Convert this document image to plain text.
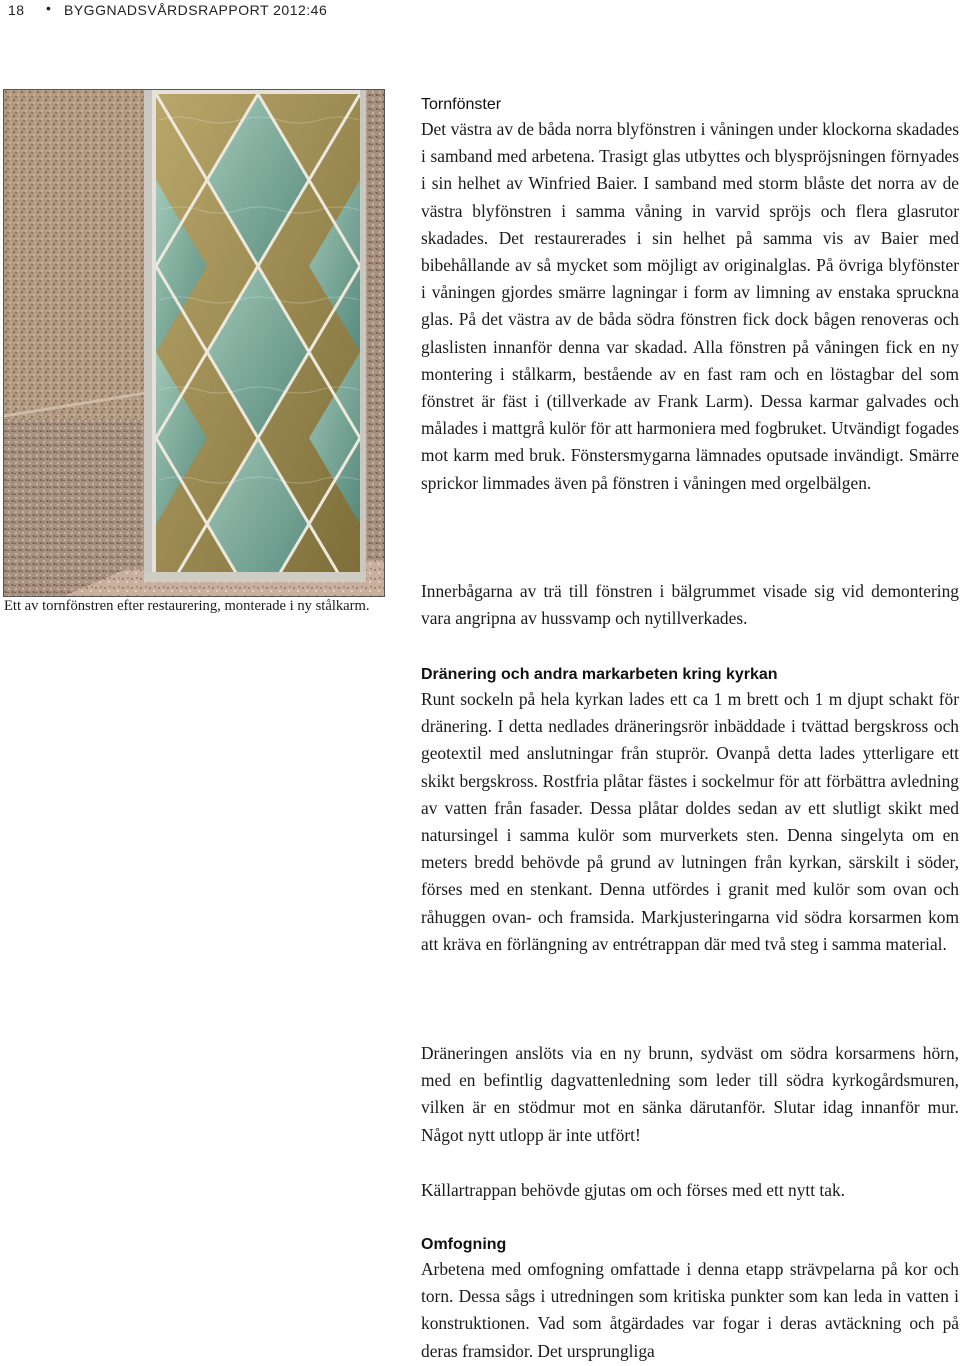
18 • BYGGNADSVÅRDSRAPPORT 2012:46
Ett av tornfönstren efter restaurering, monterade i ny stålkarm.
Tornfönster

Det västra av de båda norra blyfönstren i våningen under klockorna skadades i samband med arbetena. Trasigt glas utbyttes och blyspröjsningen förnyades i sin helhet av Winfried Baier. I samband med storm blåste det norra av de västra blyfönstren i samma våning in varvid spröjs och flera glasrutor skadades. Det restaurerades i sin helhet på samma vis av Baier med bibehållande av så mycket som möjligt av originalglas. På övriga blyfönster i våningen gjordes smärre lagningar i form av limning av enstaka spruckna glas. På det västra av de båda södra fönstren fick dock bågen renoveras och glaslisten innanför denna var skadad. Alla fönstren på våningen fick en ny montering i stålkarm, bestående av en fast ram och en löstagbar del som fönstret är fäst i (tillverkade av Frank Larm). Dessa karmar galvades och målades i mattgrå kulör för att harmoniera med fogbruket. Utvändigt fogades mot karm med bruk. Fönstersmygarna lämnades oputsade invändigt. Smärre sprickor limmades även på fönstren i våningen med orgelbälgen.

Innerbågarna av trä till fönstren i bälgrummet visade sig vid demontering vara angripna av hussvamp och nytillverkades.

Dränering och andra markarbeten kring kyrkan

Runt sockeln på hela kyrkan lades ett ca 1 m brett och 1 m djupt schakt för dränering. I detta nedlades dräneringsrör inbäddade i tvättad bergskross och geotextil med anslutningar från stuprör. Ovanpå detta lades ytterligare ett skikt bergskross. Rostfria plåtar fästes i sockelmur för att förbättra avledning av vatten från fasader. Dessa plåtar doldes sedan av ett slutligt skikt med natursingel i samma kulör som murverkets sten. Denna singelyta om en meters bredd behövde på grund av lutningen från kyrkan, särskilt i söder, förses med en stenkant. Denna utfördes i granit med kulör som ovan och råhuggen ovan- och framsida. Markjusteringarna vid södra korsarmen kom att kräva en förlängning av entrétrappan där med två steg i samma material.

Dräneringen anslöts via en ny brunn, sydväst om södra korsarmens hörn, med en befintlig dagvattenledning som leder till södra kyrkogårdsmuren, vilken är en stödmur mot en sänka därutanför. Slutar idag innanför mur. Något nytt utlopp är inte utfört!

Källartrappan behövde gjutas om och förses med ett nytt tak.

Omfogning

Arbetena med omfogning omfattade i denna etapp strävpelarna på kor och torn. Dessa sågs i utredningen som kritiska punkter som kan leda in vatten i konstruktionen. Vad som åtgärdades var fogar i deras avtäckning och på deras framsidor. Det ursprungliga
